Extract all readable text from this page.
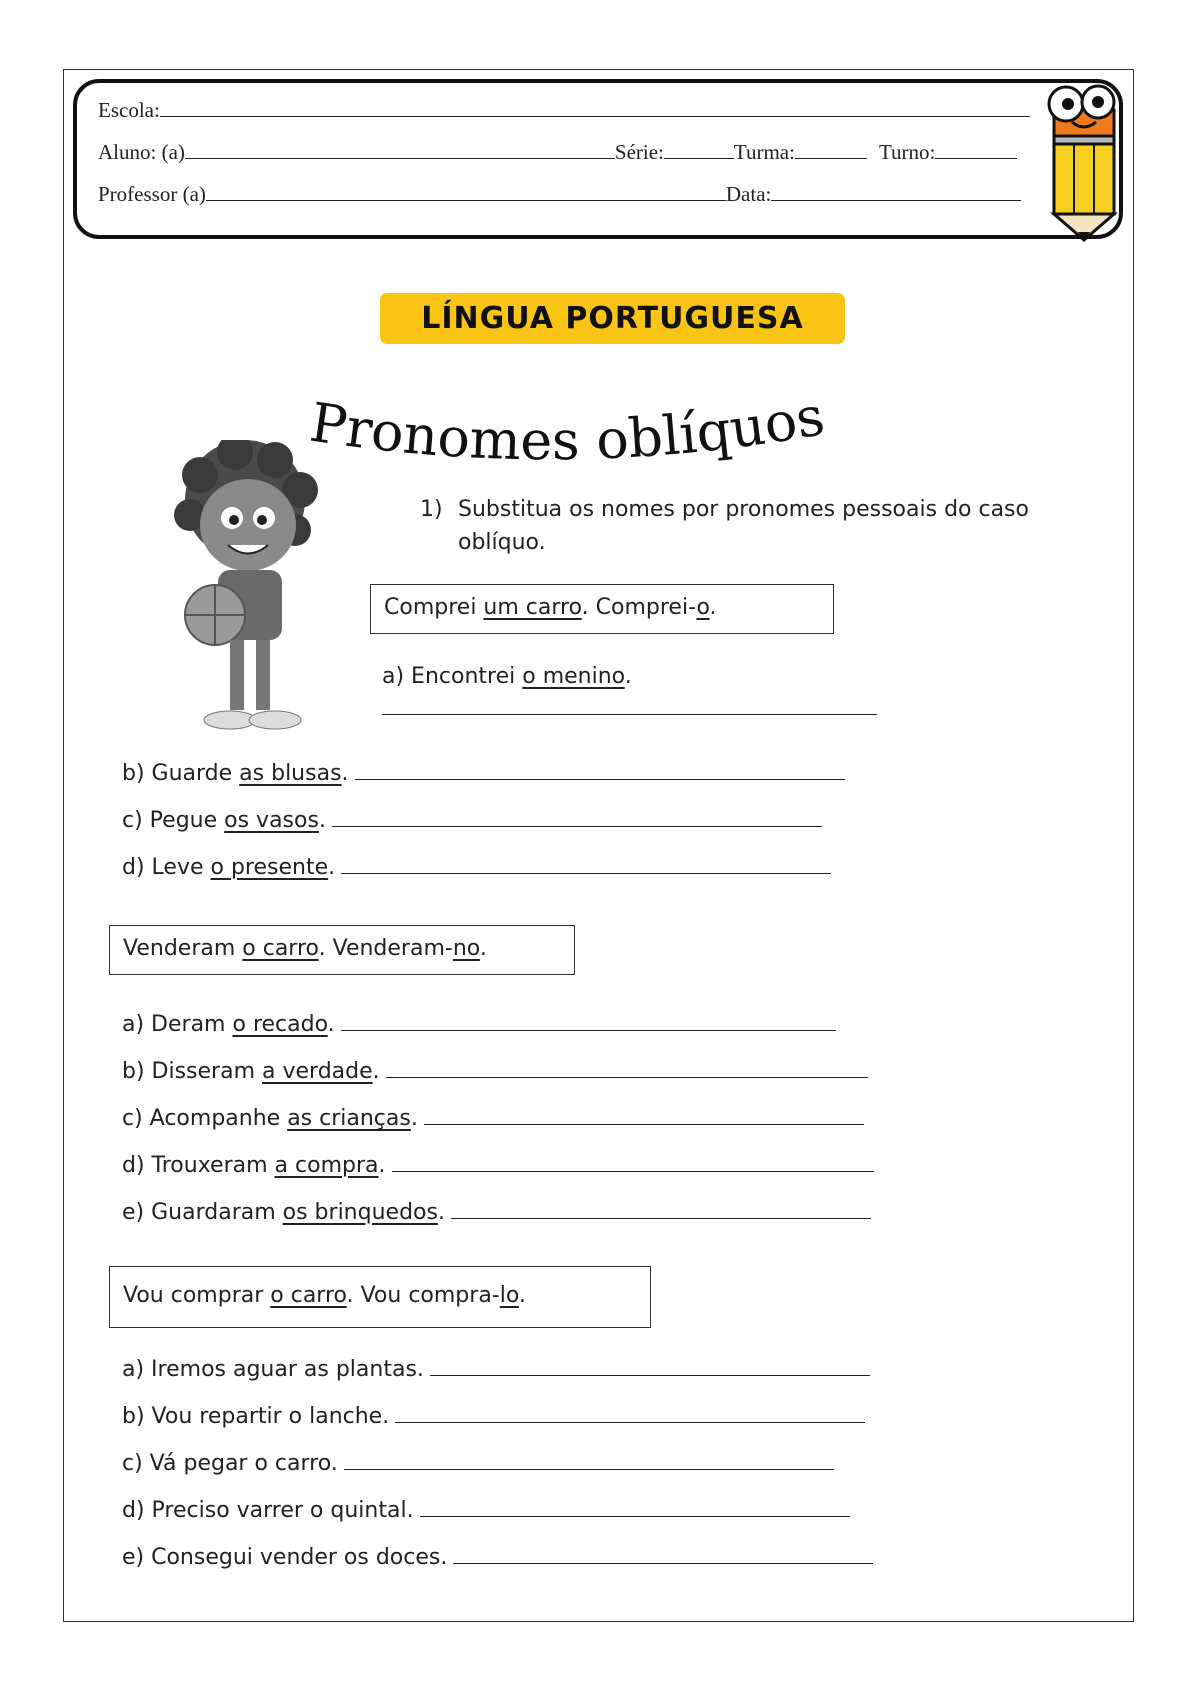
Escola:
Aluno: (a)	Série:	Turma:	Turno:
Professor (a)	Data:
LÍNGUA PORTUGUESA
Pronomes oblíquos
1) Substitua os nomes por pronomes pessoais do caso oblíquo.
Comprei um carro. Comprei-o.
a) Encontrei o menino.
b) Guarde as blusas.
c) Pegue os vasos.
d) Leve o presente.
Venderam o carro. Venderam-no.
a) Deram o recado.
b) Disseram a verdade.
c) Acompanhe as crianças.
d) Trouxeram a compra.
e) Guardaram os brinquedos.
Vou comprar o carro. Vou compra-lo.
a) Iremos aguar as plantas.
b) Vou repartir o lanche.
c) Vá pegar o carro.
d) Preciso varrer o quintal.
e) Consegui vender os doces.
